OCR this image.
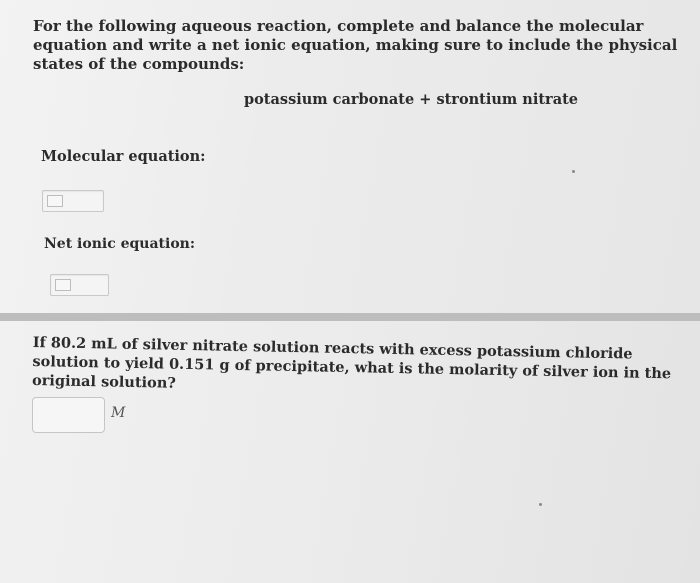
For the following aqueous reaction, complete and balance the molecular equation and write a net ionic equation, making sure to include the physical states of the compounds:
potassium carbonate + strontium nitrate
Molecular equation:
Net ionic equation:
If 80.2 mL of silver nitrate solution reacts with excess potassium chloride solution to yield 0.151 g of precipitate, what is the molarity of silver ion in the original solution?
M
